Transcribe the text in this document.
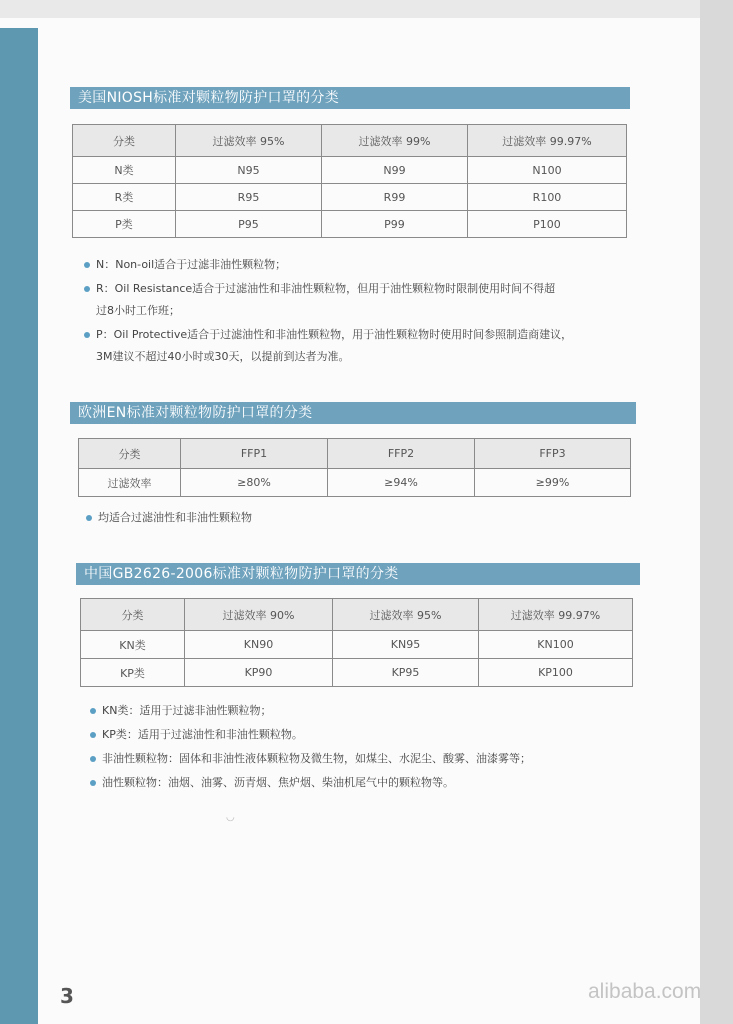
美国NIOSH标准对颗粒物防护口罩的分类
分类	过滤效率 95%	过滤效率 99%	过滤效率 99.97%
N类	N95	N99	N100
R类	R95	R99	R100
P类	P95	P99	P100
N：Non-oil适合于过滤非油性颗粒物；
R：Oil Resistance适合于过滤油性和非油性颗粒物，但用于油性颗粒物时限制使用时间不得超
过8小时工作班；
P：Oil Protective适合于过滤油性和非油性颗粒物，用于油性颗粒物时使用时间参照制造商建议，
3M建议不超过40小时或30天，以提前到达者为准。
欧洲EN标准对颗粒物防护口罩的分类
分类	FFP1	FFP2	FFP3
过滤效率	≥80%	≥94%	≥99%
均适合过滤油性和非油性颗粒物
中国GB2626-2006标准对颗粒物防护口罩的分类
分类	过滤效率 90%	过滤效率 95%	过滤效率 99.97%
KN类	KN90	KN95	KN100
KP类	KP90	KP95	KP100
KN类：适用于过滤非油性颗粒物；
KP类：适用于过滤油性和非油性颗粒物。
非油性颗粒物：固体和非油性液体颗粒物及微生物，如煤尘、水泥尘、酸雾、油漆雾等；
油性颗粒物：油烟、油雾、沥青烟、焦炉烟、柴油机尾气中的颗粒物等。
◡
3	alibaba.com
